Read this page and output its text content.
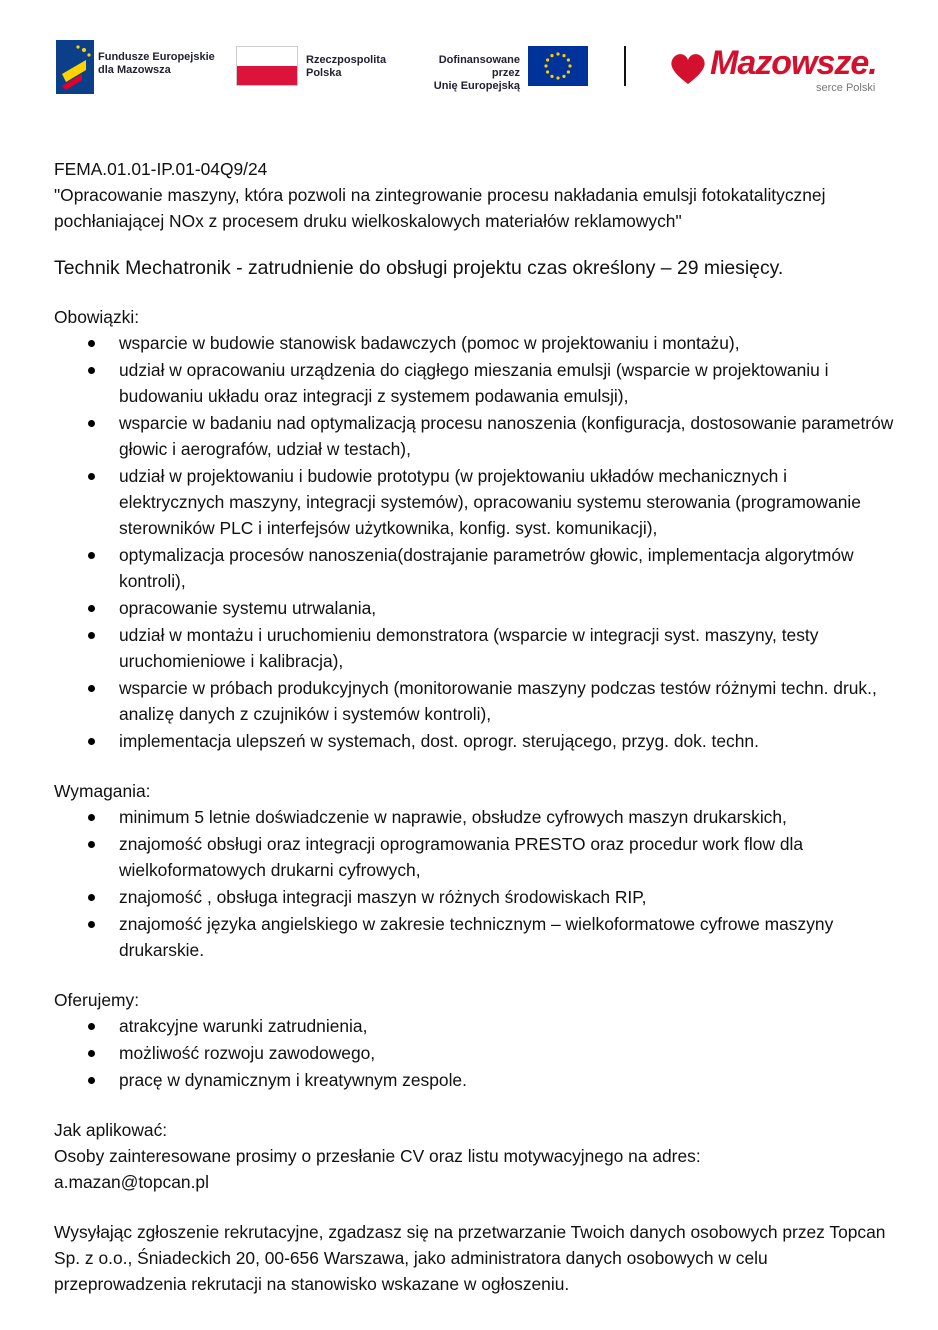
Fundusze Europejskie
dla Mazowsza
Rzeczpospolita
Polska
Dofinansowane przez
Unię Europejską
Mazowsze.
serce Polski

FEMA.01.01-IP.01-04Q9/24

"Opracowanie maszyny, która pozwoli na zintegrowanie procesu nakładania emulsji fotokatalitycznej pochłaniającej NOx z procesem druku wielkoskalowych materiałów reklamowych"

Technik Mechatronik - zatrudnienie do obsługi projektu czas określony – 29 miesięcy.

Obowiązki:

wsparcie w budowie stanowisk badawczych (pomoc w projektowaniu i montażu),
udział w opracowaniu urządzenia do ciągłego mieszania emulsji (wsparcie w projektowaniu i budowaniu układu oraz integracji z systemem podawania emulsji),
wsparcie w badaniu nad optymalizacją procesu nanoszenia (konfiguracja, dostosowanie parametrów głowic i aerografów, udział w testach),
udział w projektowaniu i budowie prototypu (w projektowaniu układów mechanicznych i elektrycznych maszyny, integracji systemów), opracowaniu systemu sterowania (programowanie sterowników PLC i interfejsów użytkownika, konfig. syst. komunikacji),
optymalizacja procesów nanoszenia(dostrajanie parametrów głowic, implementacja algorytmów kontroli),
opracowanie systemu utrwalania,
udział w montażu i uruchomieniu demonstratora (wsparcie w integracji syst. maszyny, testy uruchomieniowe i kalibracja),
wsparcie w próbach produkcyjnych (monitorowanie maszyny podczas testów różnymi techn. druk., analizę danych z czujników i systemów kontroli),
implementacja ulepszeń w systemach, dost. oprogr. sterującego, przyg. dok. techn.

Wymagania:

minimum 5 letnie doświadczenie w naprawie, obsłudze cyfrowych maszyn drukarskich,
znajomość obsługi oraz integracji oprogramowania PRESTO oraz procedur work flow dla wielkoformatowych drukarni cyfrowych,
znajomość , obsługa integracji maszyn w różnych środowiskach RIP,
znajomość języka angielskiego w zakresie technicznym – wielkoformatowe cyfrowe maszyny drukarskie.

Oferujemy:

atrakcyjne warunki zatrudnienia,
możliwość rozwoju zawodowego,
pracę w dynamicznym i kreatywnym zespole.

Jak aplikować:

Osoby zainteresowane prosimy o przesłanie CV oraz listu motywacyjnego na adres:

a.mazan@topcan.pl

Wysyłając zgłoszenie rekrutacyjne, zgadzasz się na przetwarzanie Twoich danych osobowych przez Topcan Sp. z o.o., Śniadeckich 20, 00-656 Warszawa, jako administratora danych osobowych w celu przeprowadzenia rekrutacji na stanowisko wskazane w ogłoszeniu.
